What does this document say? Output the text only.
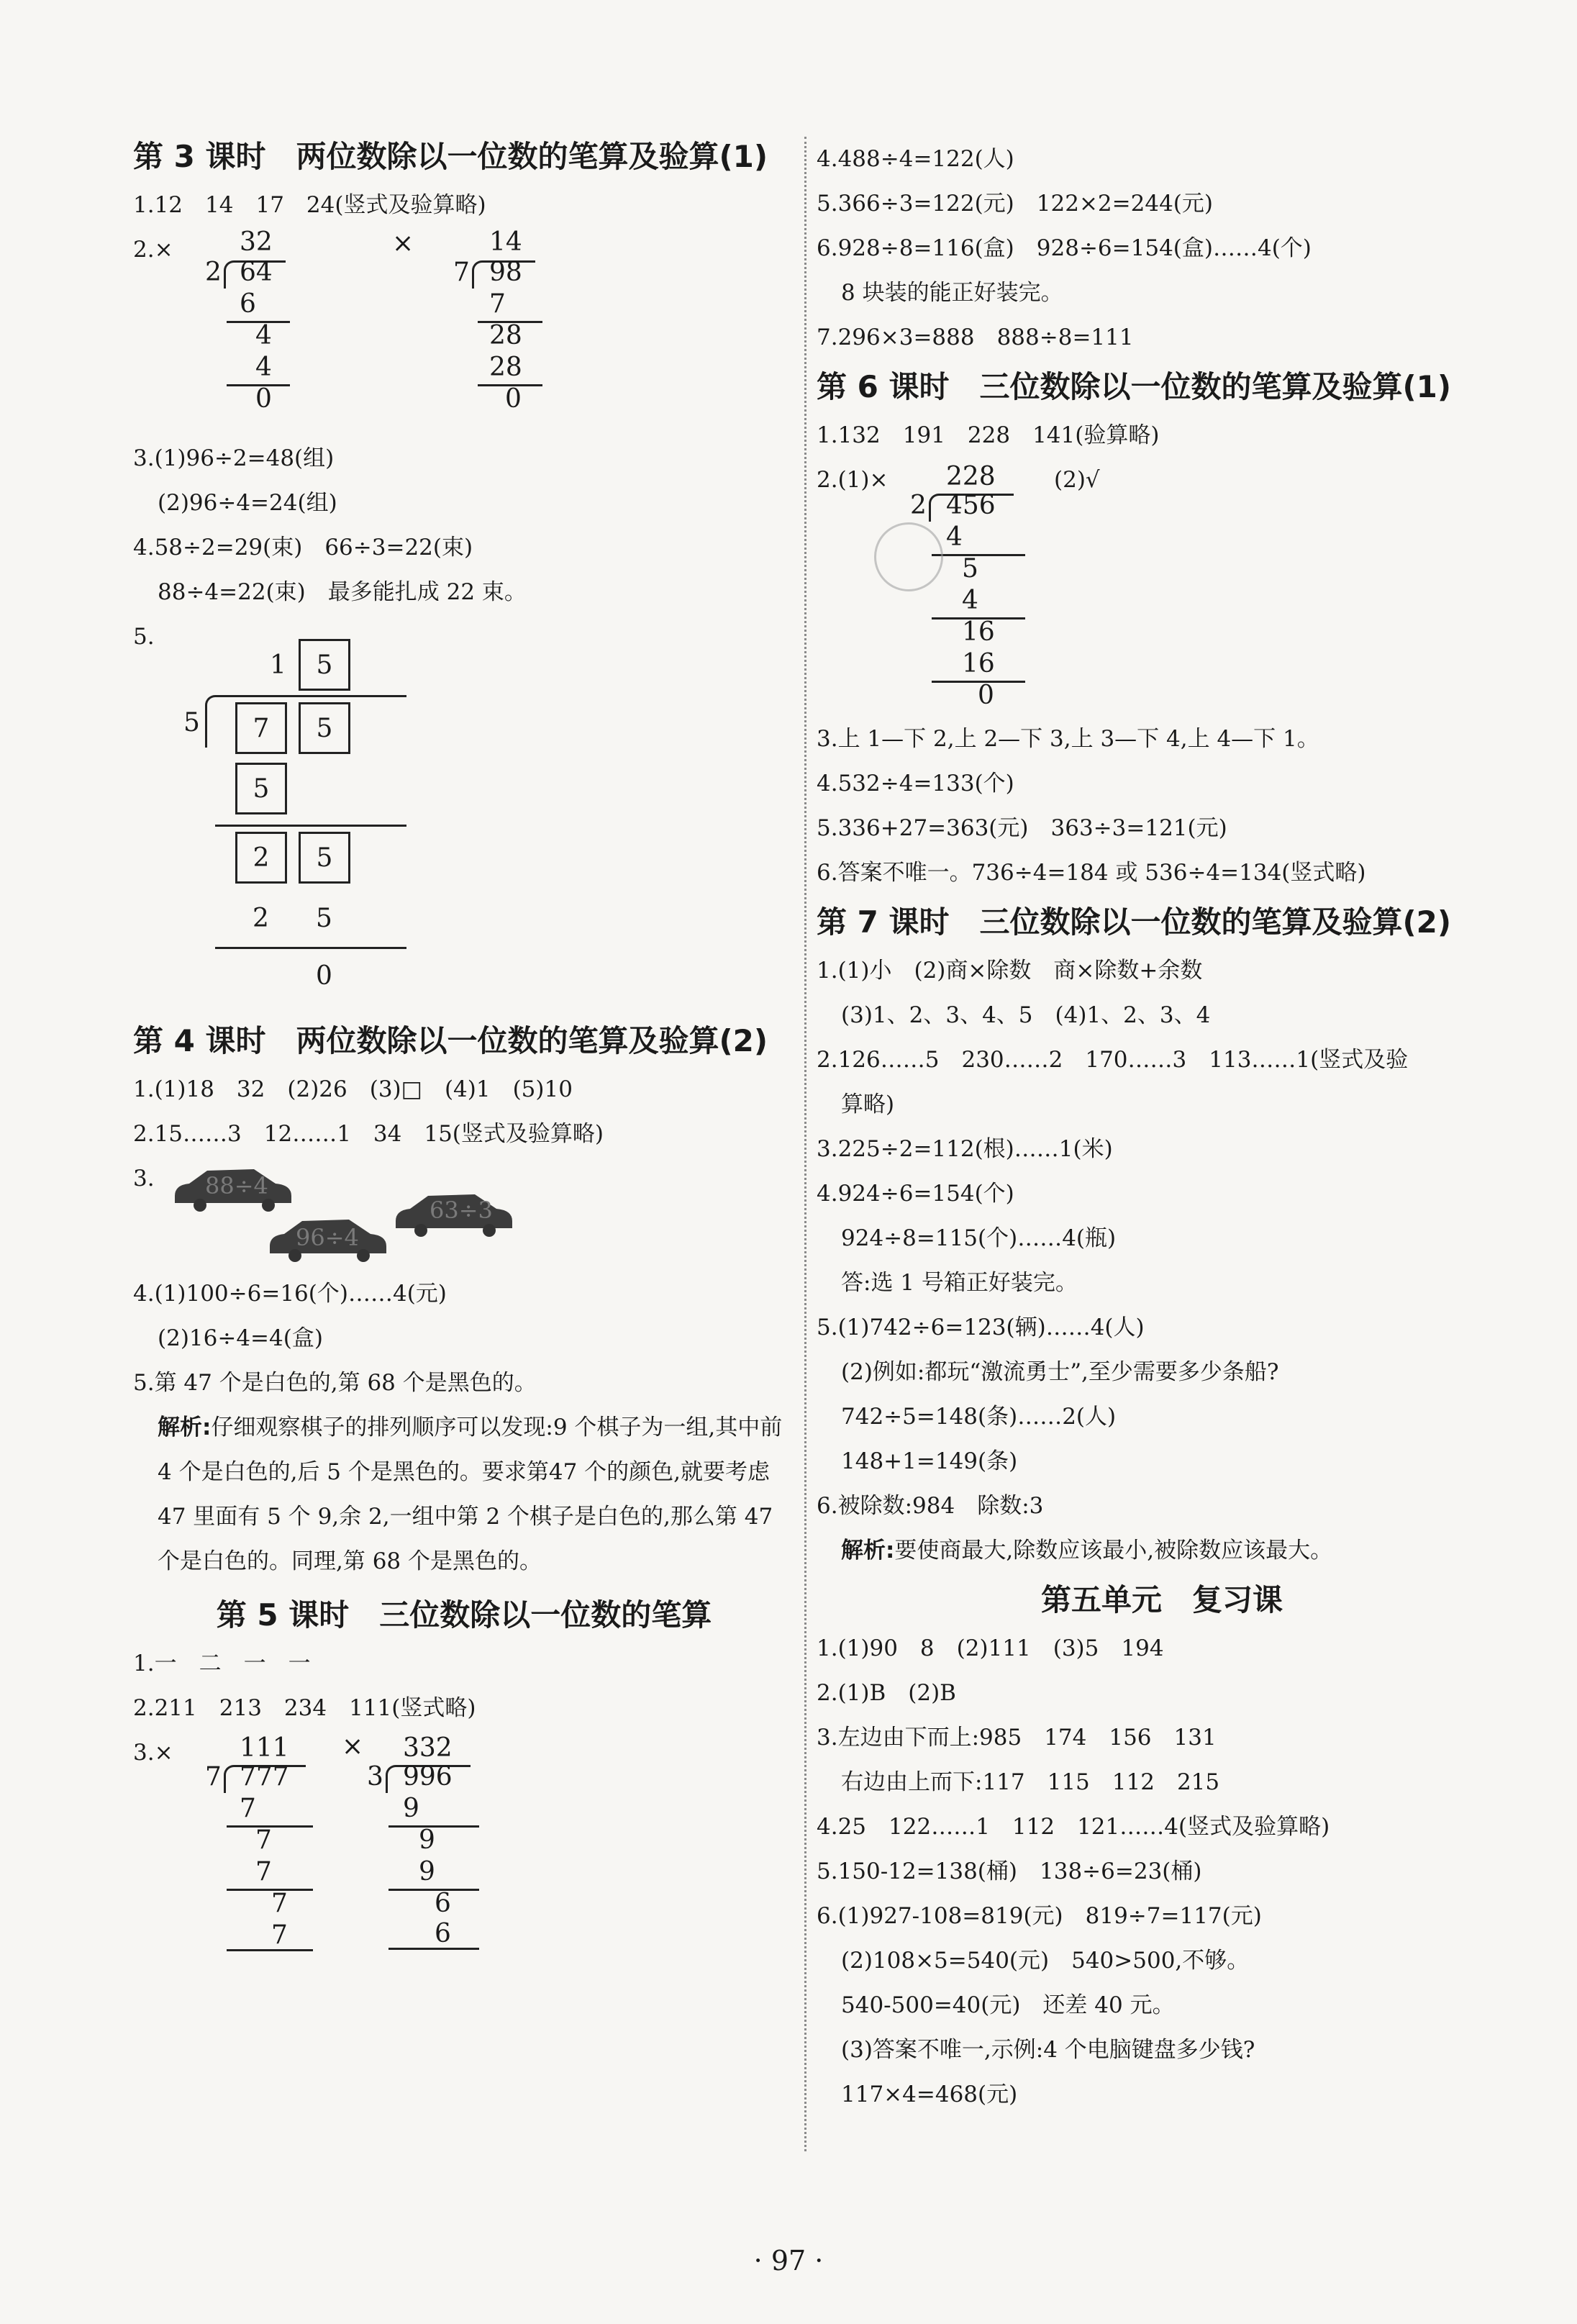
第 3 课时　两位数除以一位数的笔算及验算(1)
1.12　14　17　24(竖式及验算略)
2.×	32
2 64
6
4
4
0
×	14
7 98
7
28
28
0
3.(1)96÷2=48(组)
(2)96÷4=24(组)
4.58÷2=29(束)　66÷3=22(束)
88÷4=22(束)　最多能扎成 22 束。
5.
1 5
5 7 5
5
2 5
2 5
0
第 4 课时　两位数除以一位数的笔算及验算(2)
1.(1)18　32　(2)26　(3)□　(4)1　(5)10
2.15……3　12……1　34　15(竖式及验算略)
3. 88÷4
96÷4
63÷3
4.(1)100÷6=16(个)……4(元)
(2)16÷4=4(盒)
5.第 47 个是白色的,第 68 个是黑色的。
解析:仔细观察棋子的排列顺序可以发现:9 个棋子为一组,其中前 4 个是白色的,后 5 个是黑色的。要求第47 个的颜色,就要考虑 47 里面有 5 个 9,余 2,一组中第 2 个棋子是白色的,那么第 47 个是白色的。同理,第 68 个是黑色的。
第 5 课时　三位数除以一位数的笔算
1.一　二　一　一
2.211　213　234　111(竖式略)
3.×	111
7 777
7
7
7
7
7
× 332
3 996
9
9
9
6
6
4.488÷4=122(人)
5.366÷3=122(元)　122×2=244(元)
6.928÷8=116(盒)　928÷6=154(盒)……4(个)
8 块装的能正好装完。
7.296×3=888　888÷8=111
第 6 课时　三位数除以一位数的笔算及验算(1)
1.132　191　228　141(验算略)
2.(1)× 228
2 456
4
5
4
16
16
0
(2)√
3.上 1—下 2,上 2—下 3,上 3—下 4,上 4—下 1。
4.532÷4=133(个)
5.336+27=363(元)　363÷3=121(元)
6.答案不唯一。736÷4=184 或 536÷4=134(竖式略)
第 7 课时　三位数除以一位数的笔算及验算(2)
1.(1)小　(2)商×除数　商×除数+余数
(3)1、2、3、4、5　(4)1、2、3、4
2.126……5　230……2　170……3　113……1(竖式及验
算略)
3.225÷2=112(根)……1(米)
4.924÷6=154(个)
924÷8=115(个)……4(瓶)
答:选 1 号箱正好装完。
5.(1)742÷6=123(辆)……4(人)
(2)例如:都玩“激流勇士”,至少需要多少条船?
742÷5=148(条)……2(人)
148+1=149(条)
6.被除数:984　除数:3
解析:要使商最大,除数应该最小,被除数应该最大。
第五单元　复习课
1.(1)90　8　(2)111　(3)5　194
2.(1)B　(2)B
3.左边由下而上:985　174　156　131
右边由上而下:117　115　112　215
4.25　122……1　112　121……4(竖式及验算略)
5.150-12=138(桶)　138÷6=23(桶)
6.(1)927-108=819(元)　819÷7=117(元)
(2)108×5=540(元)　540>500,不够。
540-500=40(元)　还差 40 元。
(3)答案不唯一,示例:4 个电脑键盘多少钱?
117×4=468(元)
· 97 ·
